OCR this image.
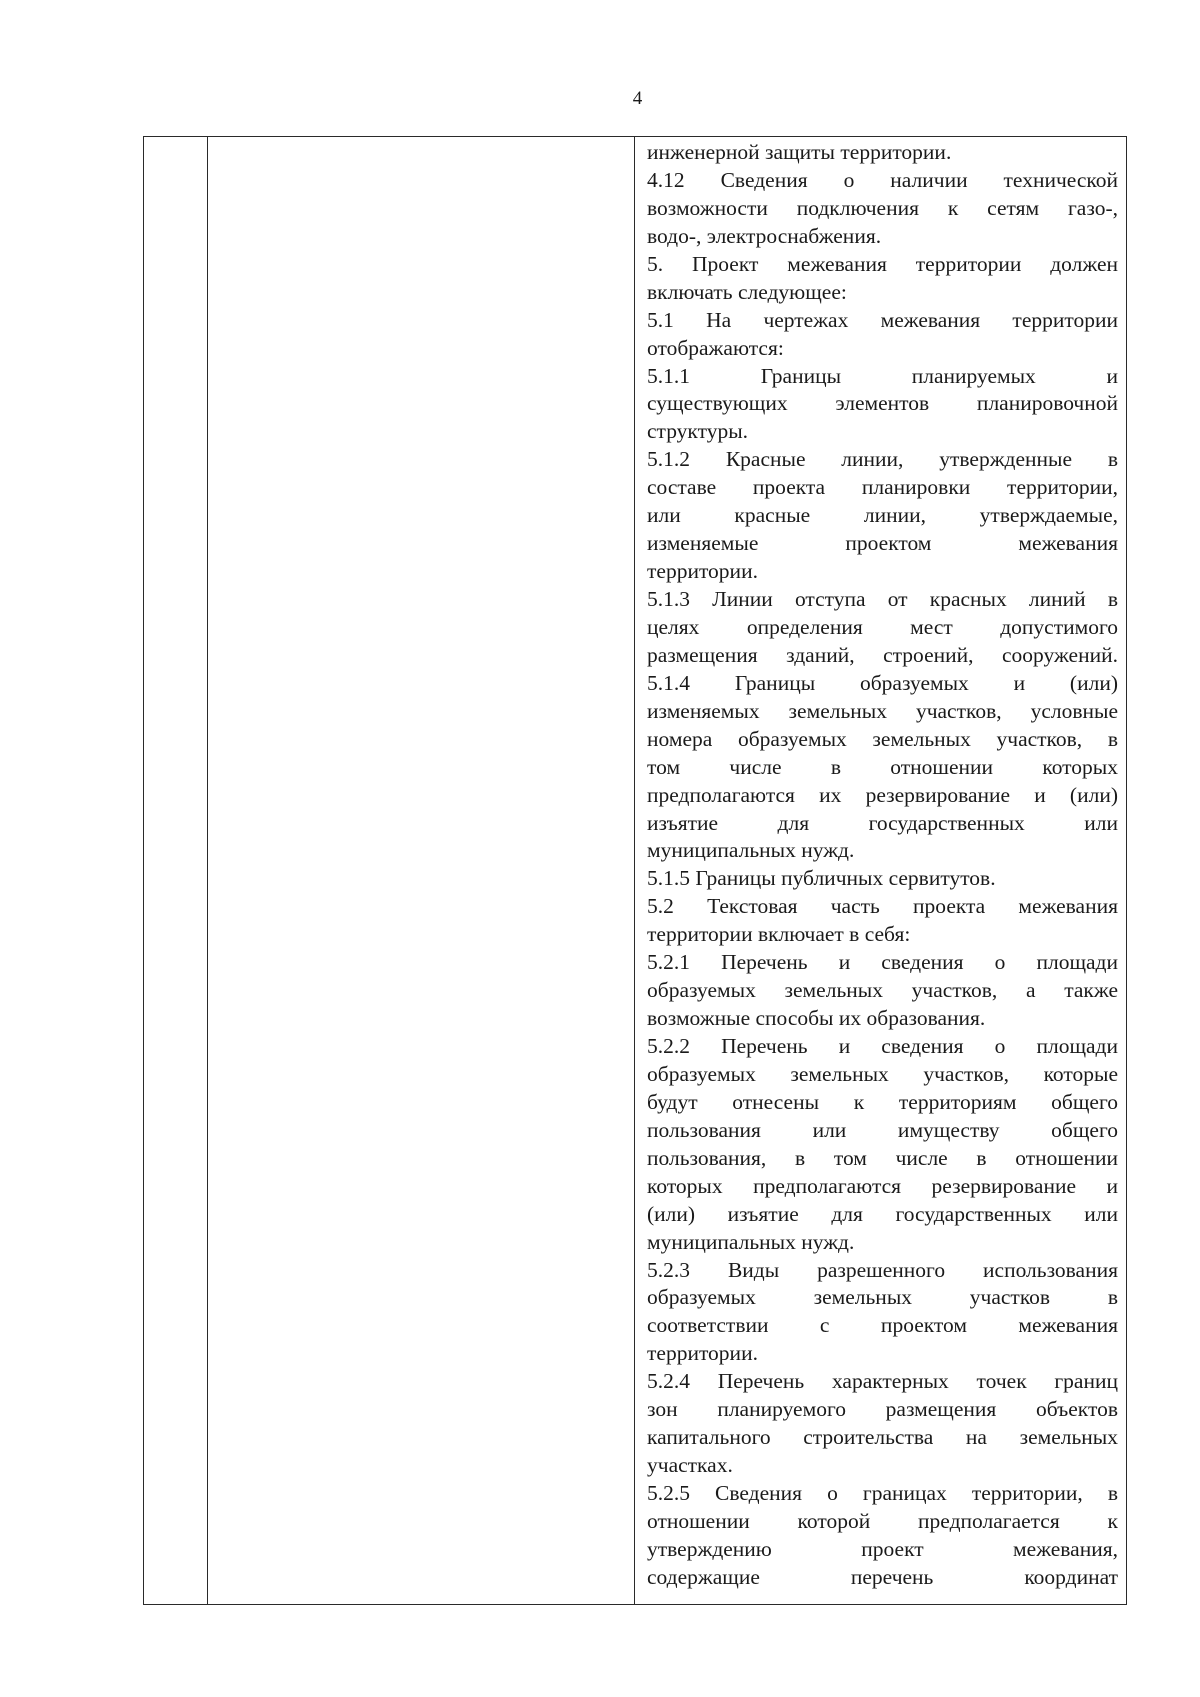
4
инженерной защиты территории.
4.12 Сведения о наличии технической
возможности подключения к сетям газо-,
водо-, электроснабжения.
5. Проект межевания территории должен
включать следующее:
5.1 На чертежах межевания территории
отображаются:
5.1.1 Границы планируемых и
существующих элементов планировочной
структуры.
5.1.2 Красные линии, утвержденные в
составе проекта планировки территории,
или красные линии, утверждаемые,
изменяемые проектом межевания
территории.
5.1.3 Линии отступа от красных линий в
целях определения мест допустимого
размещения зданий, строений, сооружений.
5.1.4 Границы образуемых и (или)
изменяемых земельных участков, условные
номера образуемых земельных участков, в
том числе в отношении которых
предполагаются их резервирование и (или)
изъятие для государственных или
муниципальных нужд.
5.1.5 Границы публичных сервитутов.
5.2 Текстовая часть проекта межевания
территории включает в себя:
5.2.1 Перечень и сведения о площади
образуемых земельных участков, а также
возможные способы их образования.
5.2.2 Перечень и сведения о площади
образуемых земельных участков, которые
будут отнесены к территориям общего
пользования или имуществу общего
пользования, в том числе в отношении
которых предполагаются резервирование и
(или) изъятие для государственных или
муниципальных нужд.
5.2.3 Виды разрешенного использования
образуемых земельных участков в
соответствии с проектом межевания
территории.
5.2.4 Перечень характерных точек границ
зон планируемого размещения объектов
капитального строительства на земельных
участках.
5.2.5 Сведения о границах территории, в
отношении которой предполагается к
утверждению проект межевания,
содержащие перечень координат
